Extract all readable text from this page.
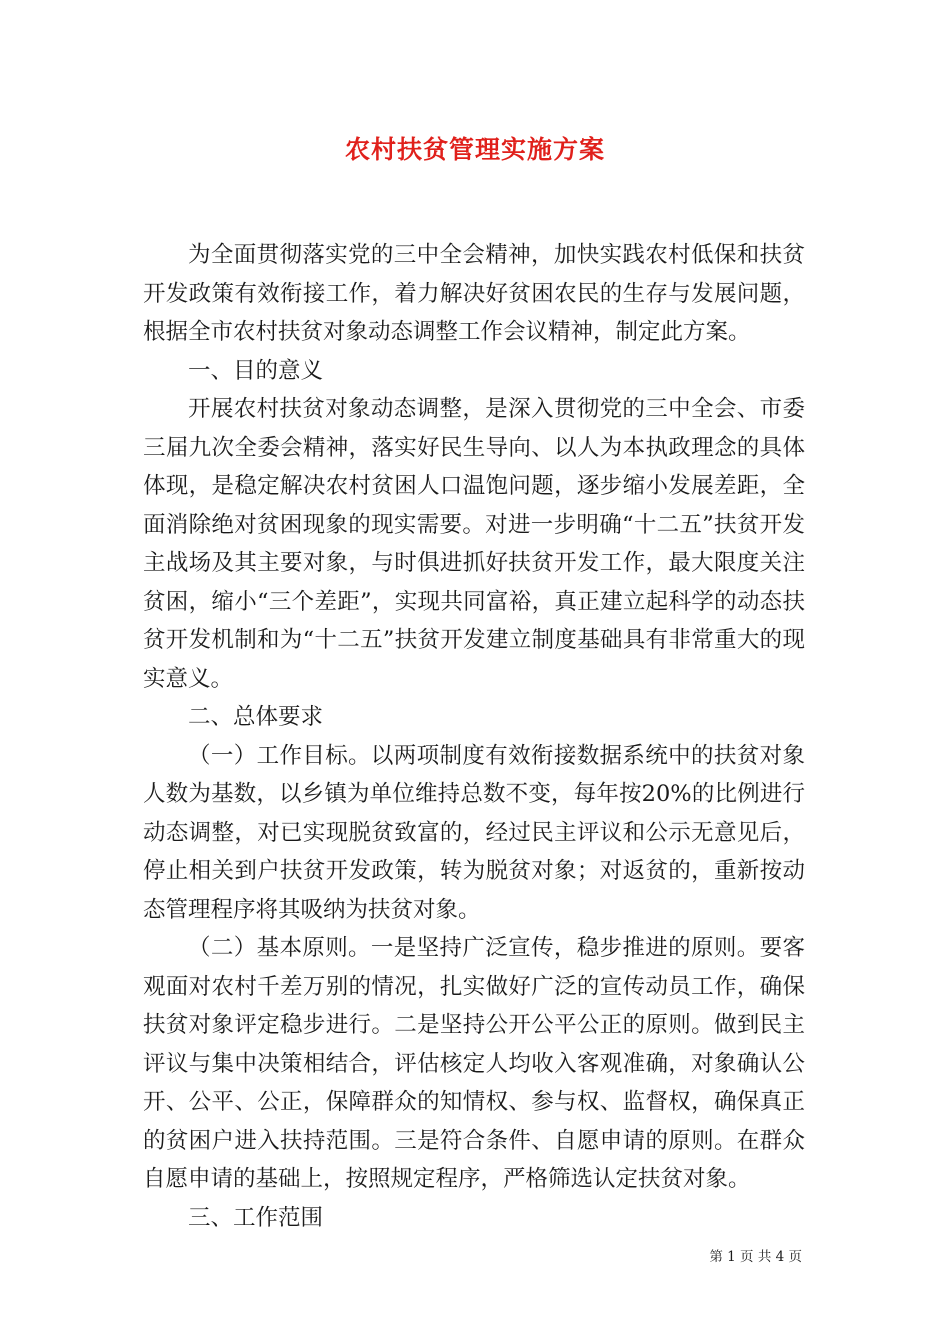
农村扶贫管理实施方案

为全面贯彻落实党的三中全会精神，加快实践农村低保和扶贫开发政策有效衔接工作，着力解决好贫困农民的生存与发展问题，根据全市农村扶贫对象动态调整工作会议精神，制定此方案。

一、目的意义

开展农村扶贫对象动态调整，是深入贯彻党的三中全会、市委三届九次全委会精神，落实好民生导向、以人为本执政理念的具体体现，是稳定解决农村贫困人口温饱问题，逐步缩小发展差距，全面消除绝对贫困现象的现实需要。对进一步明确“十二五”扶贫开发主战场及其主要对象，与时俱进抓好扶贫开发工作，最大限度关注贫困，缩小“三个差距”，实现共同富裕，真正建立起科学的动态扶贫开发机制和为“十二五”扶贫开发建立制度基础具有非常重大的现实意义。

二、总体要求

（一）工作目标。以两项制度有效衔接数据系统中的扶贫对象人数为基数，以乡镇为单位维持总数不变，每年按20%的比例进行动态调整，对已实现脱贫致富的，经过民主评议和公示无意见后，停止相关到户扶贫开发政策，转为脱贫对象；对返贫的，重新按动态管理程序将其吸纳为扶贫对象。

（二）基本原则。一是坚持广泛宣传，稳步推进的原则。要客观面对农村千差万别的情况，扎实做好广泛的宣传动员工作，确保扶贫对象评定稳步进行。二是坚持公开公平公正的原则。做到民主评议与集中决策相结合，评估核定人均收入客观准确，对象确认公开、公平、公正，保障群众的知情权、参与权、监督权，确保真正的贫困户进入扶持范围。三是符合条件、自愿申请的原则。在群众自愿申请的基础上，按照规定程序，严格筛选认定扶贫对象。

三、工作范围

第 1 页 共 4 页
